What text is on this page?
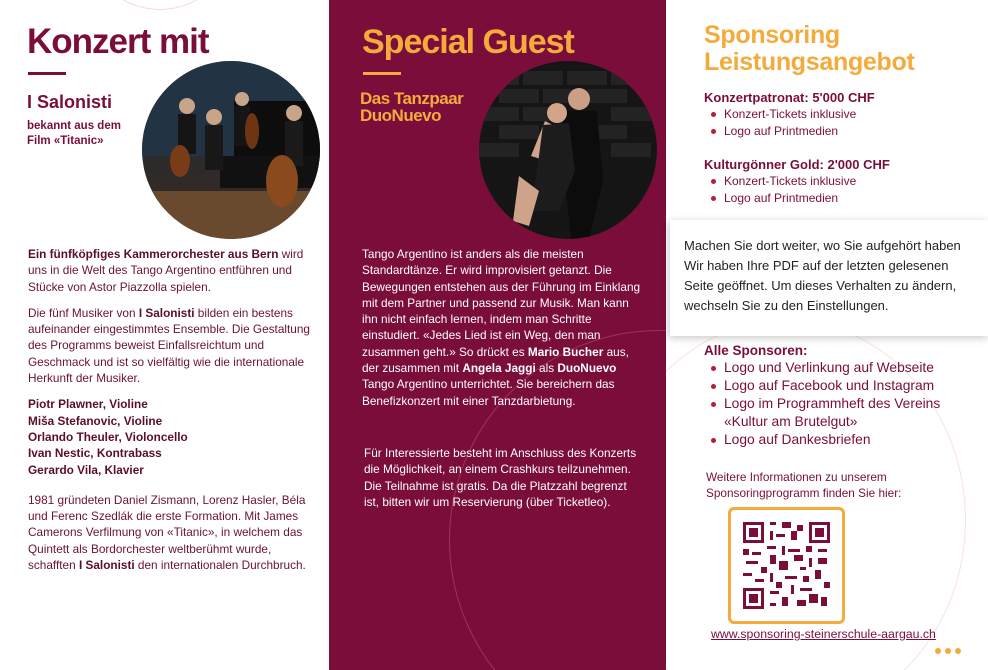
Konzert mit
I Salonisti
bekannt aus dem Film «Titanic»

Ein fünfköpfiges Kammerorchester aus Bern wird uns in die Welt des Tango Argentino entführen und Stücke von Astor Piazzolla spielen.

Die fünf Musiker von I Salonisti bilden ein bestens aufeinander eingestimmtes Ensemble. Die Gestaltung des Programms beweist Einfallsreichtum und Geschmack und ist so vielfältig wie die internationale Herkunft der Musiker.

Piotr Plawner, Violine
Miša Stefanovic, Violine
Orlando Theuler, Violoncello
Ivan Nestic, Kontrabass
Gerardo Vila, Klavier

1981 gründeten Daniel Zismann, Lorenz Hasler, Béla und Ferenc Szedlák die erste Formation. Mit James Camerons Verfilmung von «Titanic», in welchem das Quintett als Bordorchester weltberühmt wurde, schafften I Salonisti den internationalen Durchbruch.

Special Guest
Das Tanzpaar DuoNuevo
Tango Argentino ist anders als die meisten Standardtänze. Er wird improvisiert getanzt. Die Bewegungen entstehen aus der Führung im Einklang mit dem Partner und passend zur Musik. Man kann ihn nicht einfach lernen, indem man Schritte einstudiert. «Jedes Lied ist ein Weg, den man zusammen geht.» So drückt es Mario Bucher aus, der zusammen mit Angela Jaggi als DuoNuevo Tango Argentino unterrichtet. Sie bereichern das Benefizkonzert mit einer Tanzdarbietung.
Für Interessierte besteht im Anschluss des Konzerts die Möglichkeit, an einem Crashkurs teilzunehmen. Die Teilnahme ist gratis. Da die Platzzahl begrenzt ist, bitten wir um Reservierung (über Ticketleo).
Sponsoring Leistungsangebot
Konzertpatronat: 5'000 CHF
Konzert-Tickets inklusive
Logo auf Printmedien
Kulturgönner Gold: 2'000 CHF
Konzert-Tickets inklusive
Logo auf Printmedien
Alle Sponsoren:
Logo und Verlinkung auf Webseite
Logo auf Facebook und Instagram
Logo im Programmheft des Vereins «Kultur am Brutelgut»
Logo auf Dankesbriefen
Weitere Informationen zu unserem Sponsoringprogramm finden Sie hier:
www.sponsoring-steinerschule-aargau.ch
Machen Sie dort weiter, wo Sie aufgehört haben
Wir haben Ihre PDF auf der letzten gelesenen Seite geöffnet. Um dieses Verhalten zu ändern, wechseln Sie zu den Einstellungen.
